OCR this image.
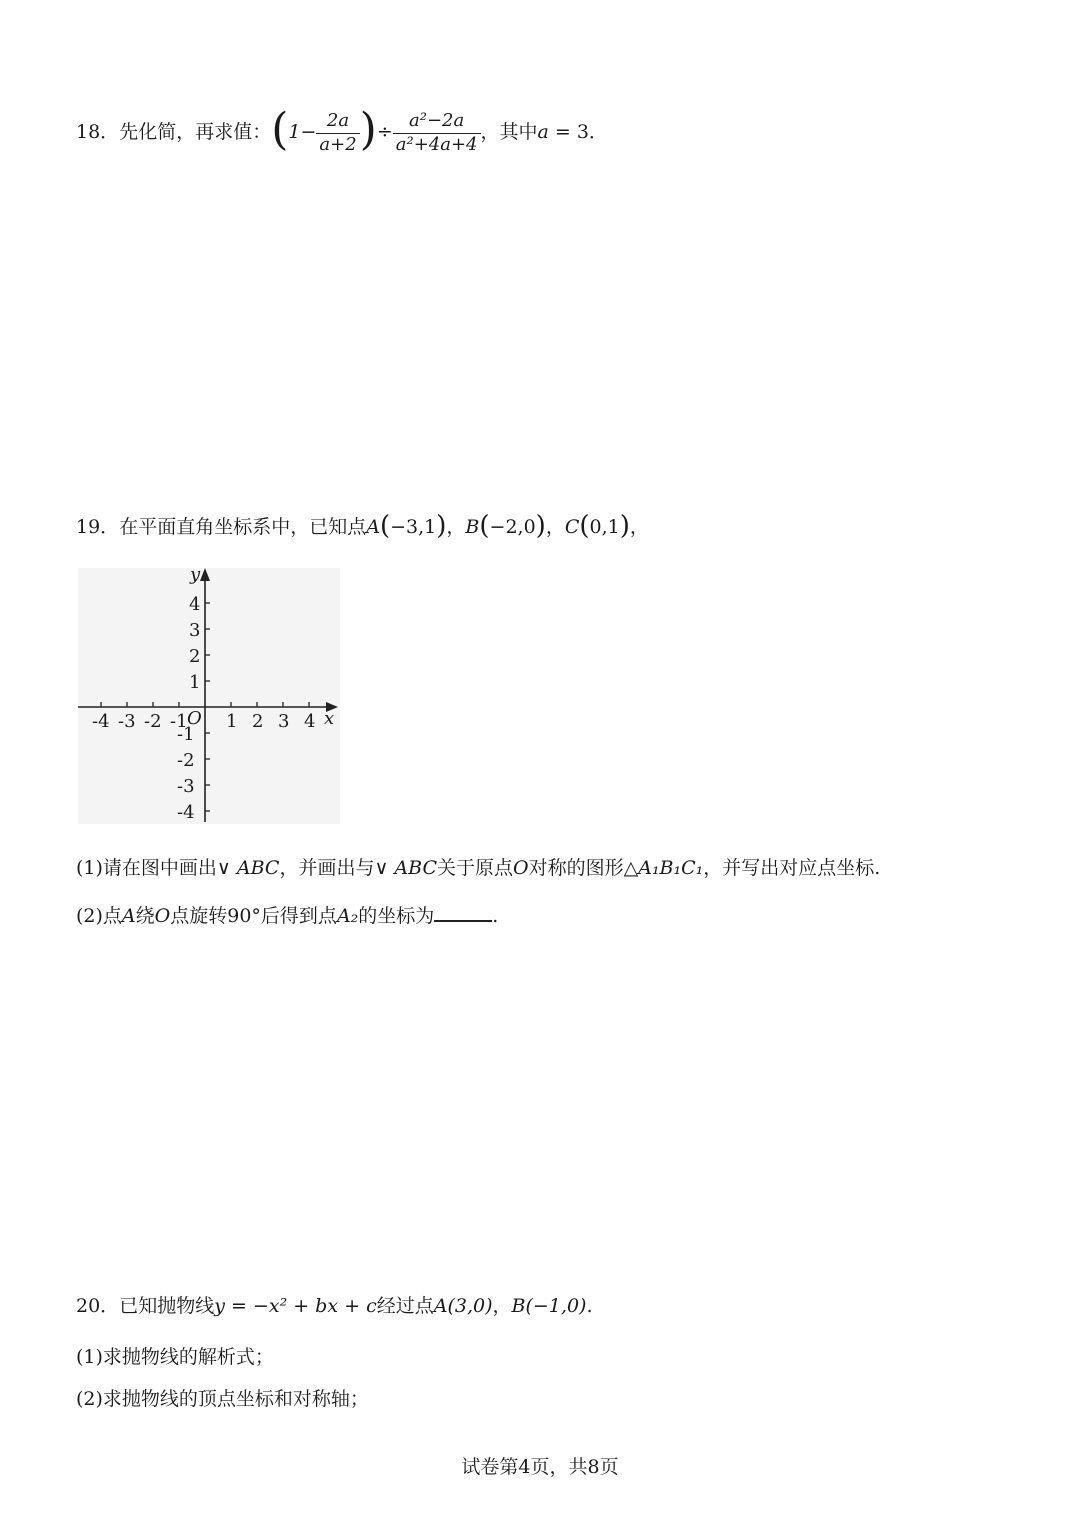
18．先化简，再求值：($1- \frac{2a}{a+2}$ )÷ $\frac{\text{a²−2a}}{\text{a²+4a+4}}$ ，其中a = 3．
19．在平面直角坐标系中，已知点A(−3,1)，B(−2,0)，C(0,1)，
-4 -3 -2 -1 1 2 3 4
4
3
2
1
-1
-2
-3
-4
y
x
O
(1)请在图中画出∨ ABC，并画出与∨ ABC关于原点O对称的图形△A₁B₁C₁，并写出对应点坐标.
(2)点A绕O点旋转90°后得到点A₂的坐标为	.
20．已知抛物线y = −x² + bx + c经过点A(3,0)，B(−1,0).
(1)求抛物线的解析式；
(2)求抛物线的顶点坐标和对称轴；
试卷第4页，共8页
